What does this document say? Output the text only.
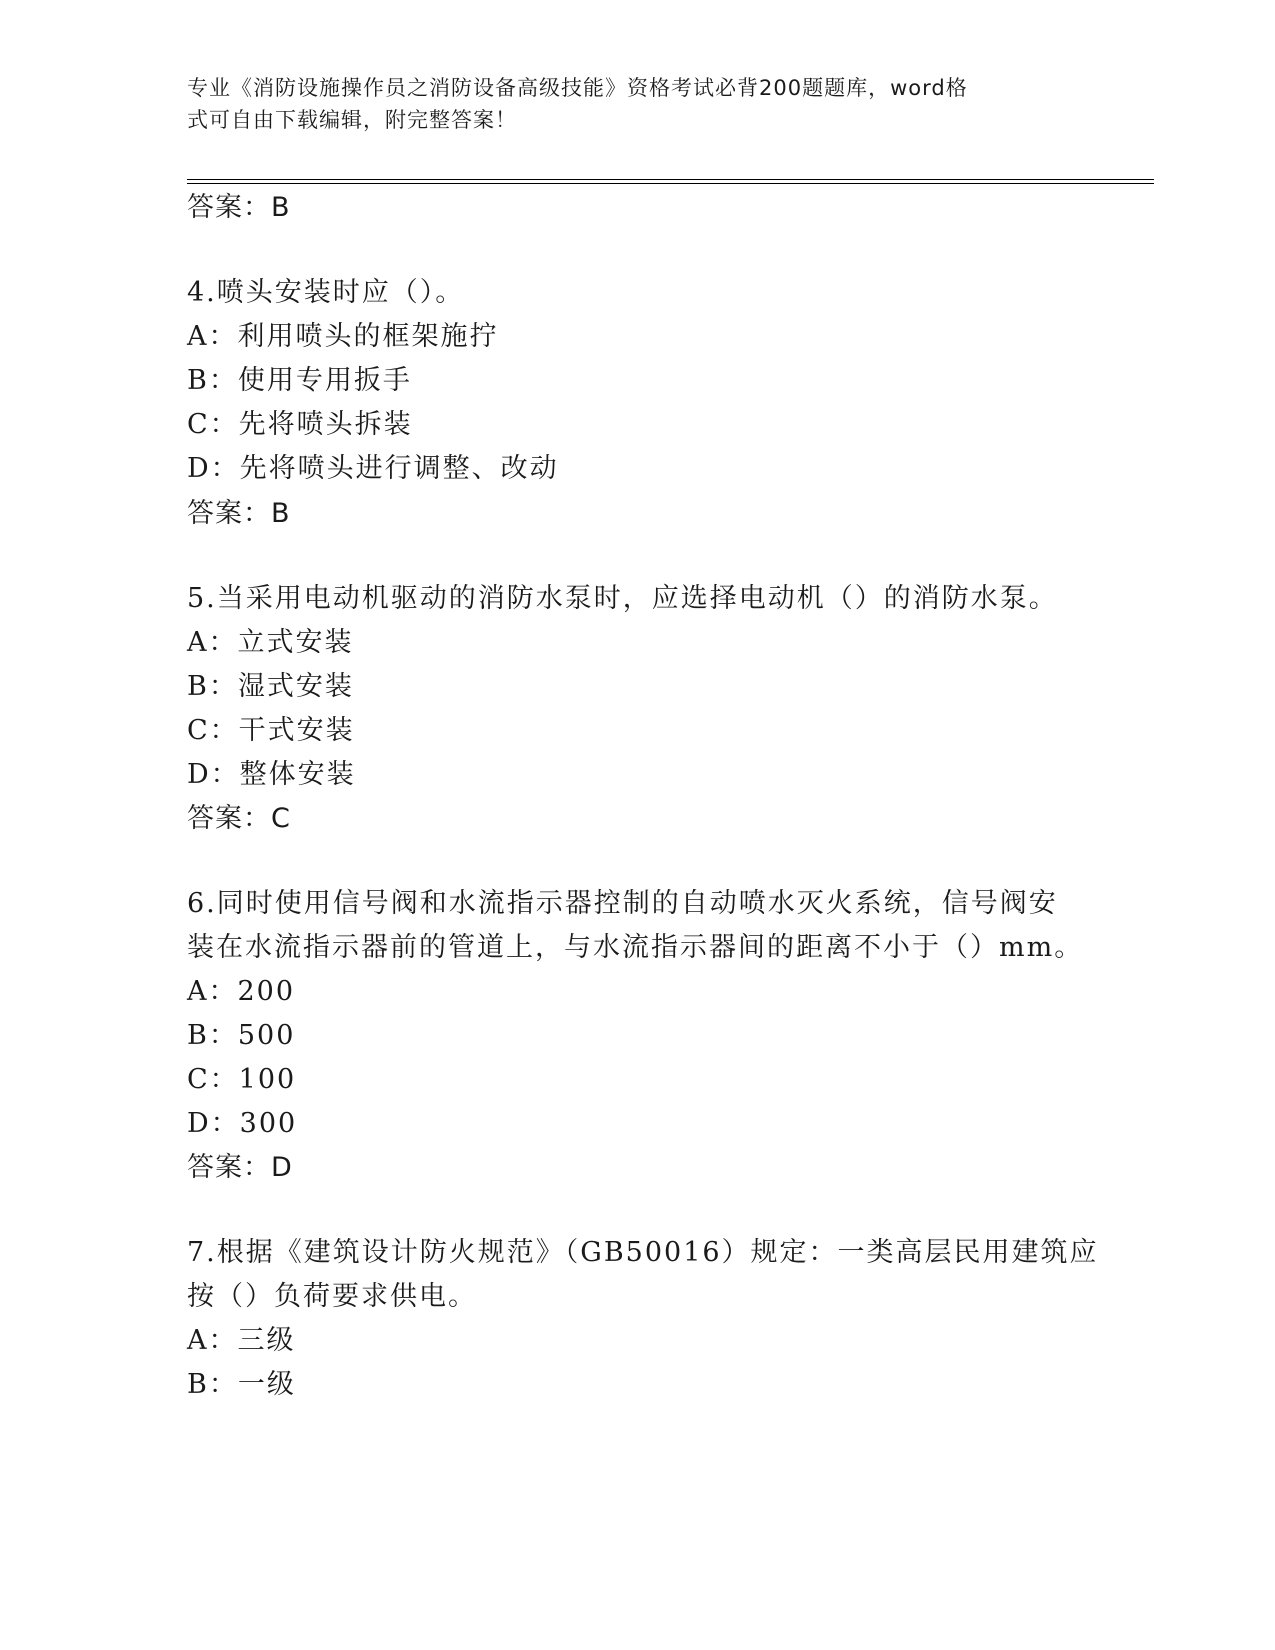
专业《消防设施操作员之消防设备高级技能》资格考试必背200题题库，word格
式可自由下载编辑，附完整答案！
答案：B
4.喷头安装时应（）。
A：利用喷头的框架施拧
B：使用专用扳手
C：先将喷头拆装
D：先将喷头进行调整、改动
答案：B
5.当采用电动机驱动的消防水泵时，应选择电动机（）的消防水泵。
A：立式安装
B：湿式安装
C：干式安装
D：整体安装
答案：C
6.同时使用信号阀和水流指示器控制的自动喷水灭火系统，信号阀安
装在水流指示器前的管道上，与水流指示器间的距离不小于（）mm。
A：200
B：500
C：100
D：300
答案：D
7.根据《建筑设计防火规范》（GB50016）规定：一类高层民用建筑应
按（）负荷要求供电。
A：三级
B：一级
